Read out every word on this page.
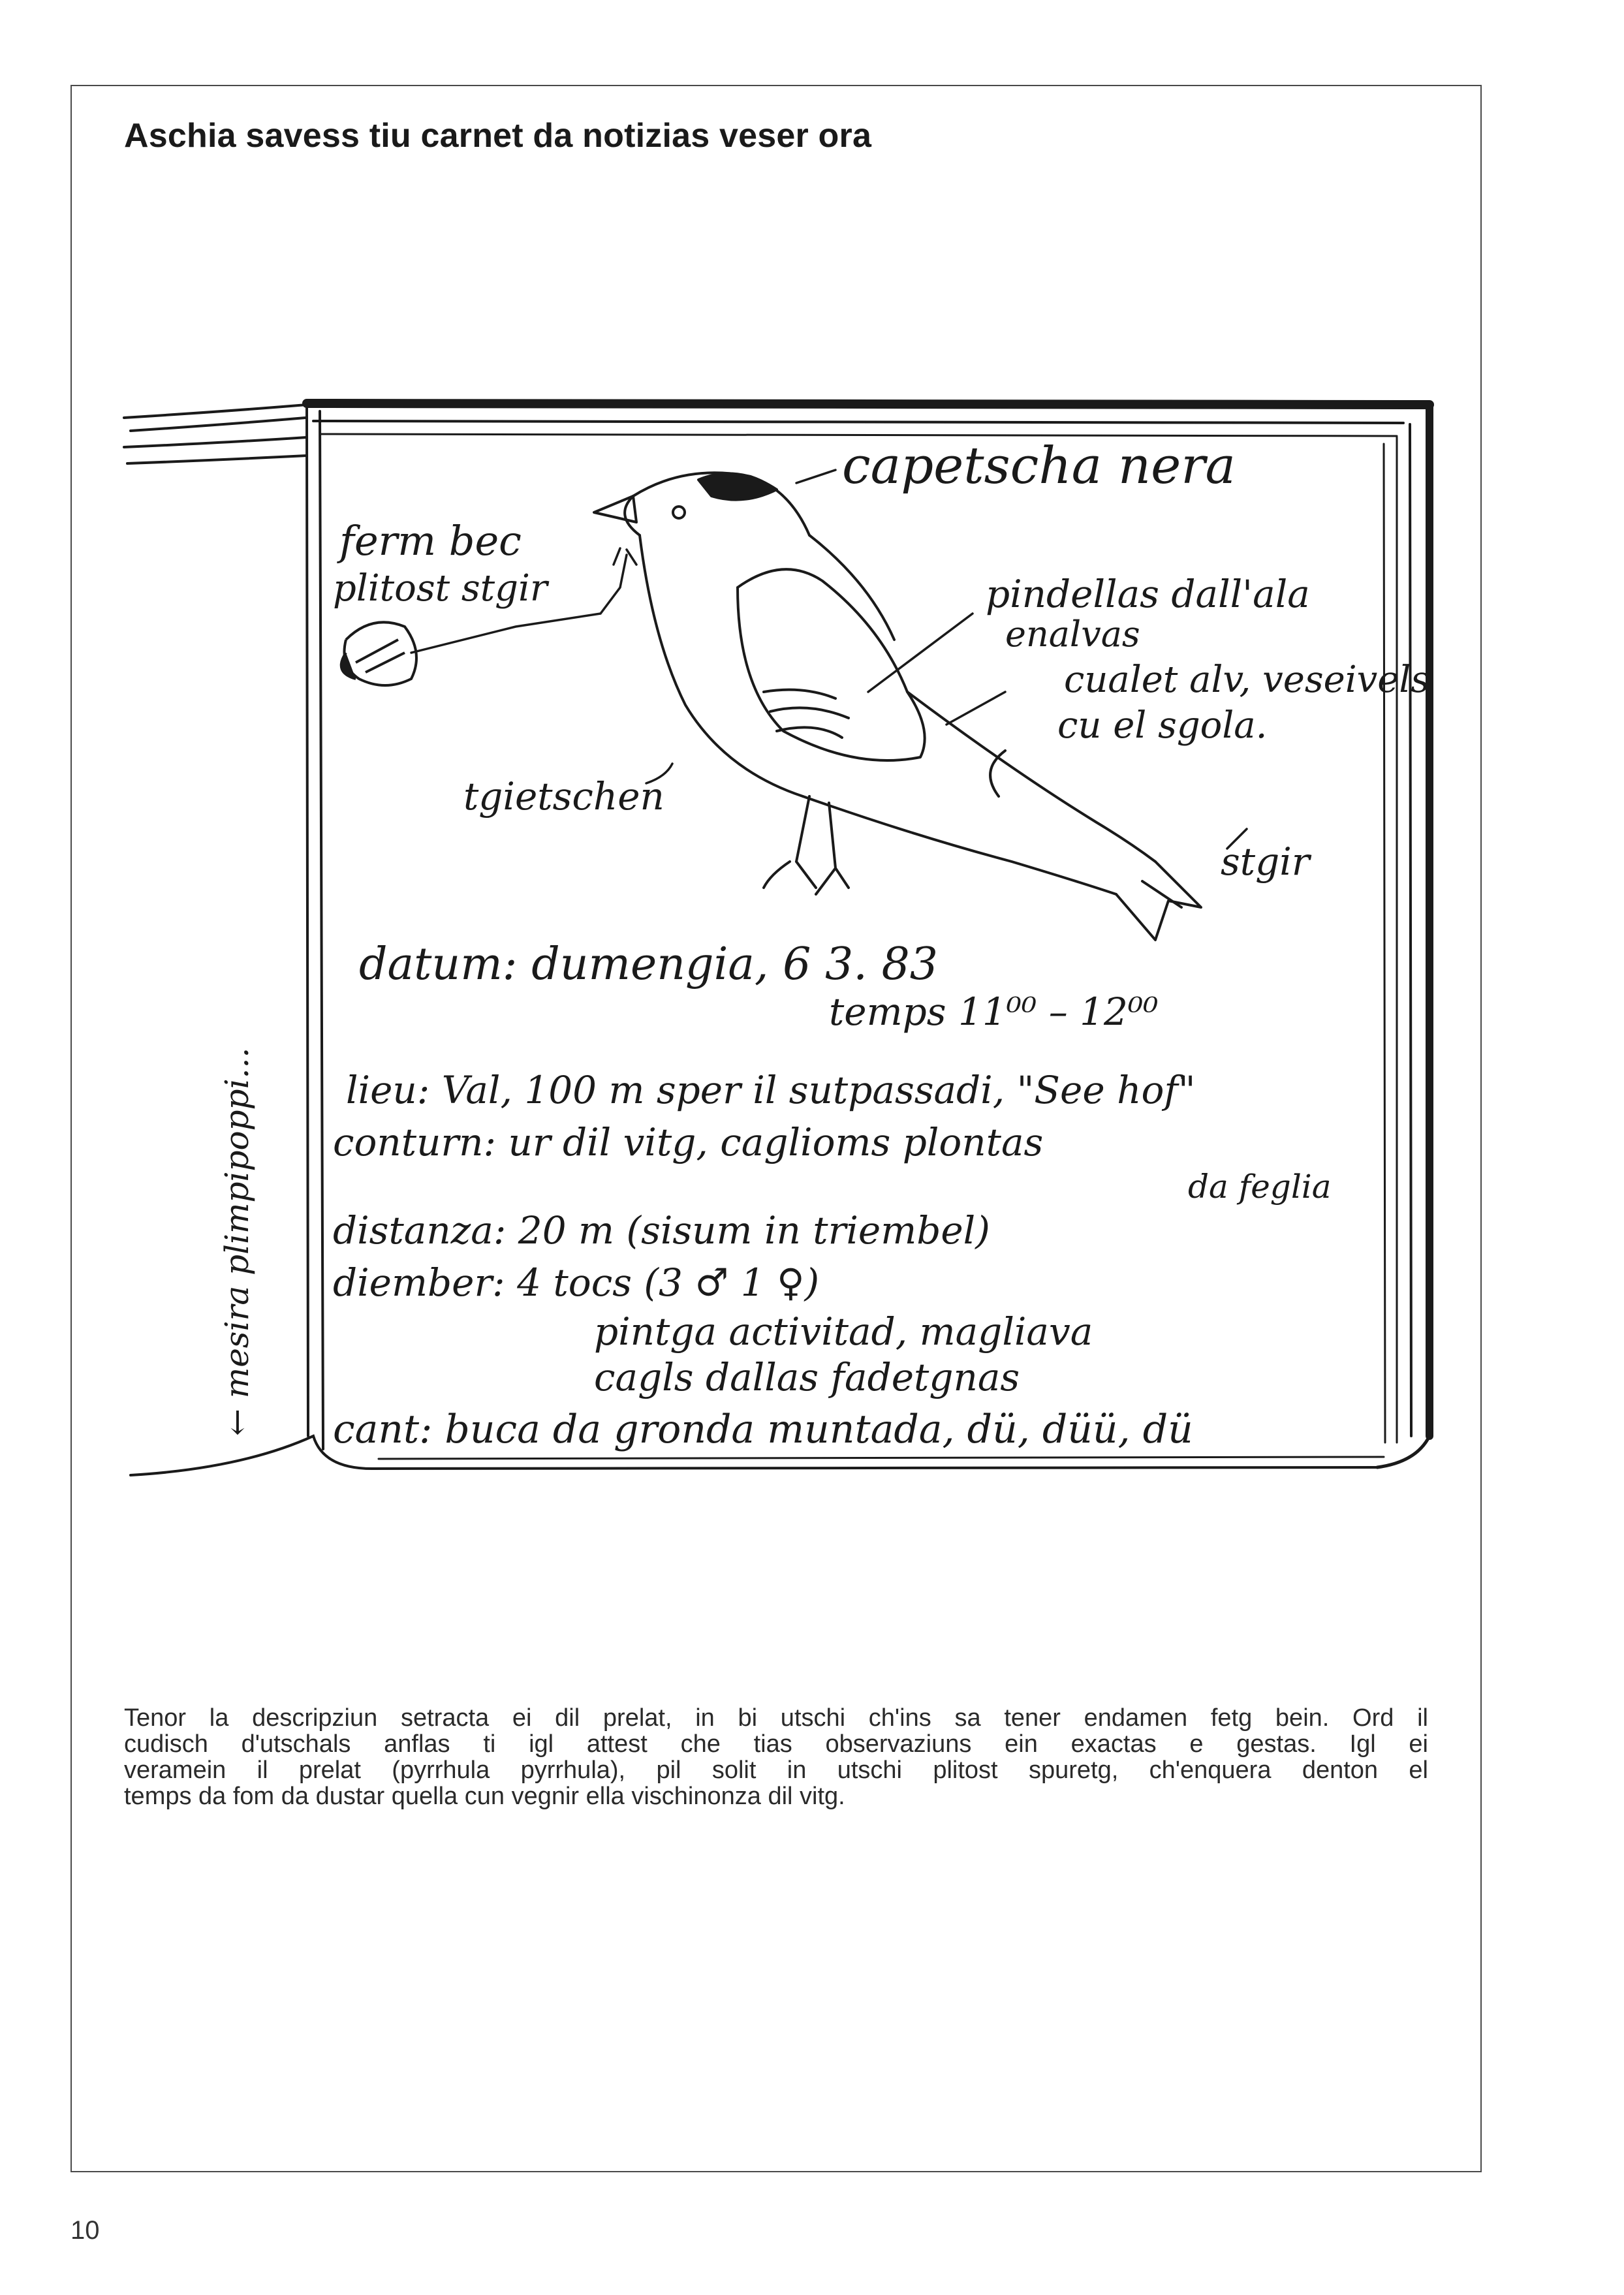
Aschia savess tiu carnet da notizias veser ora
capetscha nera
ferm bec
plitost stgir	pindellas dall'ala
enalvas
cualet alv, veseivels
cu el sgola.
tgietschen
stgir
datum: dumengia, 6 3. 83
temps 11⁰⁰ – 12⁰⁰
lieu: Val, 100 m sper il sutpassadi, "See hof"
conturn: ur dil vitg, caglioms plontas
da feglia
distanza: 20 m (sisum in triembel)
diember: 4 tocs (3 ♂ 1 ♀)
pintga activitad, magliava
cagls dallas fadetgnas
cant: buca da gronda muntada, dü, düü, dü
← mesira plimpipoppi...
Tenor la descripziun setracta ei dil prelat, in bi utschi ch'ins sa tener endamen fetg bein. Ord il
cudisch d'utschals anflas ti igl attest che tias observaziuns ein exactas e gestas. Igl ei
veramein il prelat (pyrrhula pyrrhula), pil solit in utschi plitost spuretg, ch'enquera denton el
temps da fom da dustar quella cun vegnir ella vischinonza dil vitg.
10
